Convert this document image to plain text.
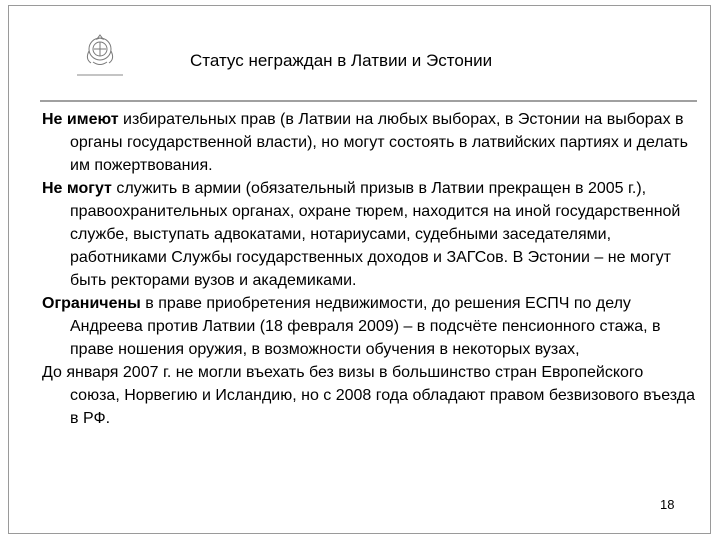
Статус неграждан в Латвии и Эстонии

Не имеют избирательных прав (в Латвии на любых выборах, в Эстонии на выборах в органы государственной власти), но могут состоять в латвийских партиях и делать им пожертвования.

Не могут служить в армии (обязательный призыв в Латвии прекращен в 2005 г.), правоохранительных органах, охране тюрем, находится на иной государственной службе, выступать адвокатами, нотариусами, судебными заседателями, работниками Службы государственных доходов и ЗАГСов. В Эстонии – не могут быть ректорами вузов и академиками.

Ограничены в праве приобретения недвижимости, до решения ЕСПЧ по делу Андреева против Латвии (18 февраля 2009) – в подсчёте пенсионного стажа, в праве ношения оружия, в возможности обучения в некоторых вузах,

До января 2007 г. не могли въехать без визы в большинство стран Европейского союза, Норвегию и Исландию, но с 2008 года обладают правом безвизового въезда в РФ.

18
